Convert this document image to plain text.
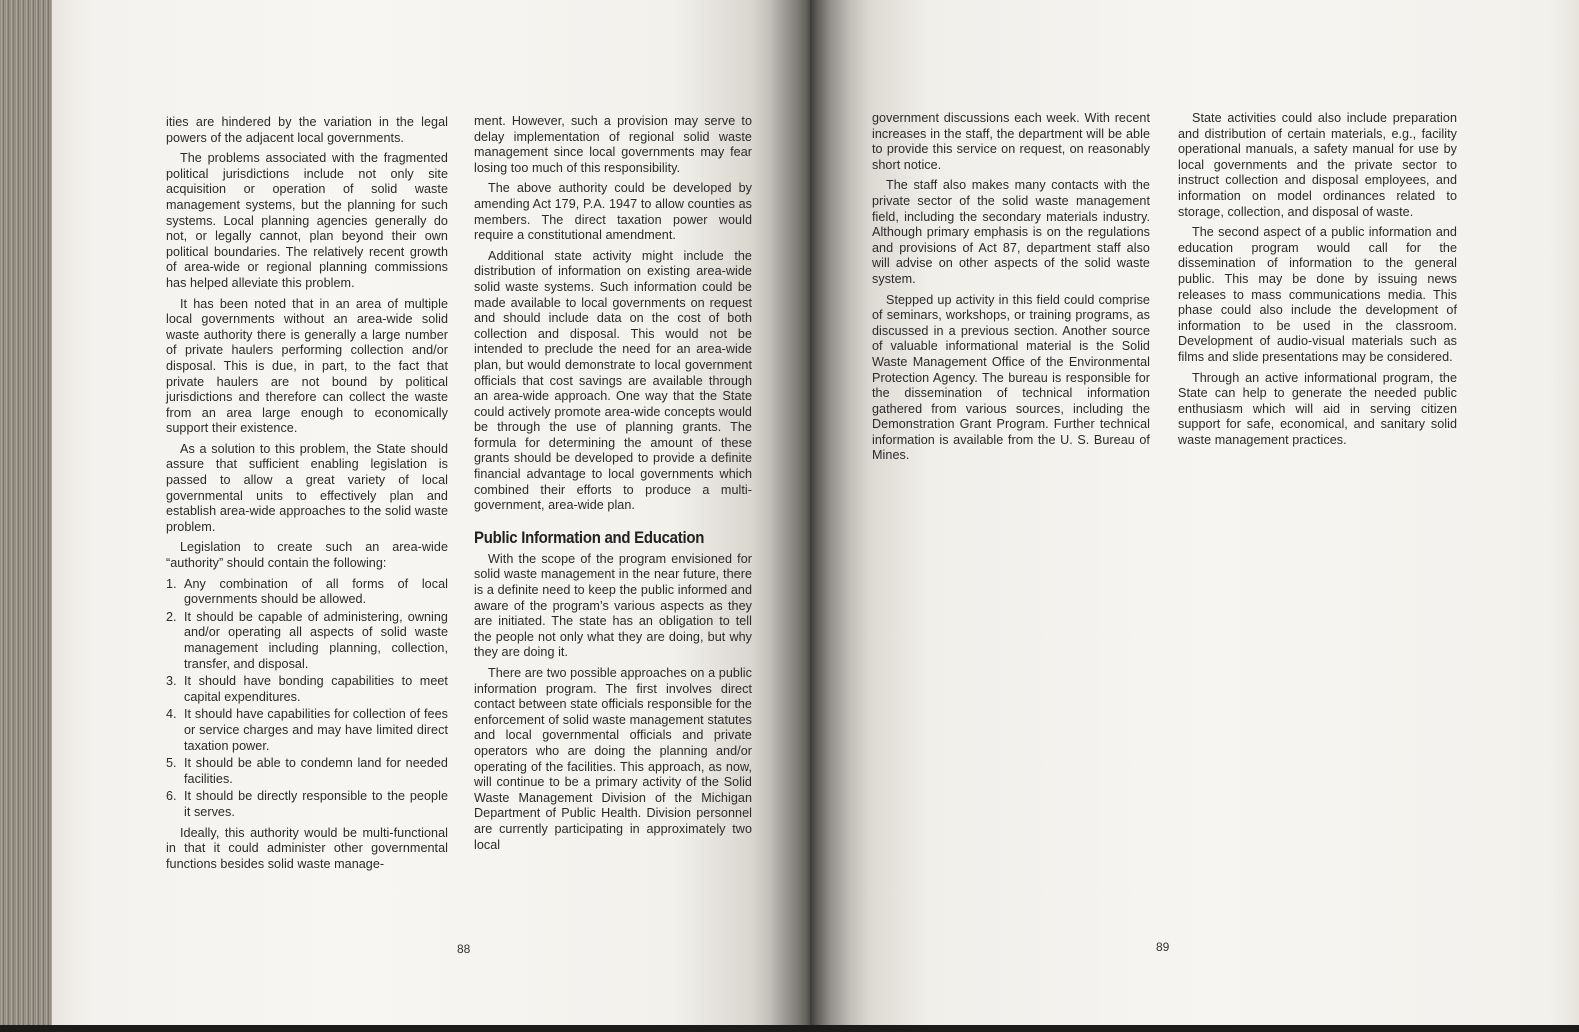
ities are hindered by the variation in the legal powers of the adjacent local governments.

The problems associated with the fragmented political jurisdictions include not only site acquisition or operation of solid waste management systems, but the planning for such systems. Local planning agencies generally do not, or legally cannot, plan beyond their own political boundaries. The relatively recent growth of area-wide or regional planning commissions has helped alleviate this problem.

It has been noted that in an area of multiple local governments without an area-wide solid waste authority there is generally a large number of private haulers performing collection and/or disposal. This is due, in part, to the fact that private haulers are not bound by political jurisdictions and therefore can collect the waste from an area large enough to economically support their existence.

As a solution to this problem, the State should assure that sufficient enabling legislation is passed to allow a great variety of local governmental units to effectively plan and establish area-wide approaches to the solid waste problem.

Legislation to create such an area-wide “authority” should contain the following:

1. Any combination of all forms of local governments should be allowed.
2. It should be capable of administering, owning and/or operating all aspects of solid waste management including planning, collection, transfer, and disposal.
3. It should have bonding capabilities to meet capital expenditures.
4. It should have capabilities for collection of fees or service charges and may have limited direct taxation power.
5. It should be able to condemn land for needed facilities.
6. It should be directly responsible to the people it serves.

Ideally, this authority would be multi-functional in that it could administer other governmental functions besides solid waste manage-

ment. However, such a provision may serve to delay implementation of regional solid waste management since local governments may fear losing too much of this responsibility.

The above authority could be developed by amending Act 179, P.A. 1947 to allow counties as members. The direct taxation power would require a constitutional amendment.

Additional state activity might include the distribution of information on existing area-wide solid waste systems. Such information could be made available to local governments on request and should include data on the cost of both collection and disposal. This would not be intended to preclude the need for an area-wide plan, but would demonstrate to local government officials that cost savings are available through an area-wide approach. One way that the State could actively promote area-wide concepts would be through the use of planning grants. The formula for determining the amount of these grants should be developed to provide a definite financial advantage to local governments which combined their efforts to produce a multi-government, area-wide plan.

Public Information and Education

With the scope of the program envisioned for solid waste management in the near future, there is a definite need to keep the public informed and aware of the program’s various aspects as they are initiated. The state has an obligation to tell the people not only what they are doing, but why they are doing it.

There are two possible approaches on a public information program. The first involves direct contact between state officials responsible for the enforcement of solid waste management statutes and local governmental officials and private operators who are doing the planning and/or operating of the facilities. This approach, as now, will continue to be a primary activity of the Solid Waste Management Division of the Michigan Department of Public Health. Division personnel are currently participating in approximately two local

88

government discussions each week. With recent increases in the staff, the department will be able to provide this service on request, on reasonably short notice.

The staff also makes many contacts with the private sector of the solid waste management field, including the secondary materials industry. Although primary emphasis is on the regulations and provisions of Act 87, department staff also will advise on other aspects of the solid waste system.

Stepped up activity in this field could comprise of seminars, workshops, or training programs, as discussed in a previous section. Another source of valuable informational material is the Solid Waste Management Office of the Environmental Protection Agency. The bureau is responsible for the dissemination of technical information gathered from various sources, including the Demonstration Grant Program. Further technical information is available from the U. S. Bureau of Mines.

State activities could also include preparation and distribution of certain materials, e.g., facility operational manuals, a safety manual for use by local governments and the private sector to instruct collection and disposal employees, and information on model ordinances related to storage, collection, and disposal of waste.

The second aspect of a public information and education program would call for the dissemination of information to the general public. This may be done by issuing news releases to mass communications media. This phase could also include the development of information to be used in the classroom. Development of audio-visual materials such as films and slide presentations may be considered.

Through an active informational program, the State can help to generate the needed public enthusiasm which will aid in serving citizen support for safe, economical, and sanitary solid waste management practices.

89
